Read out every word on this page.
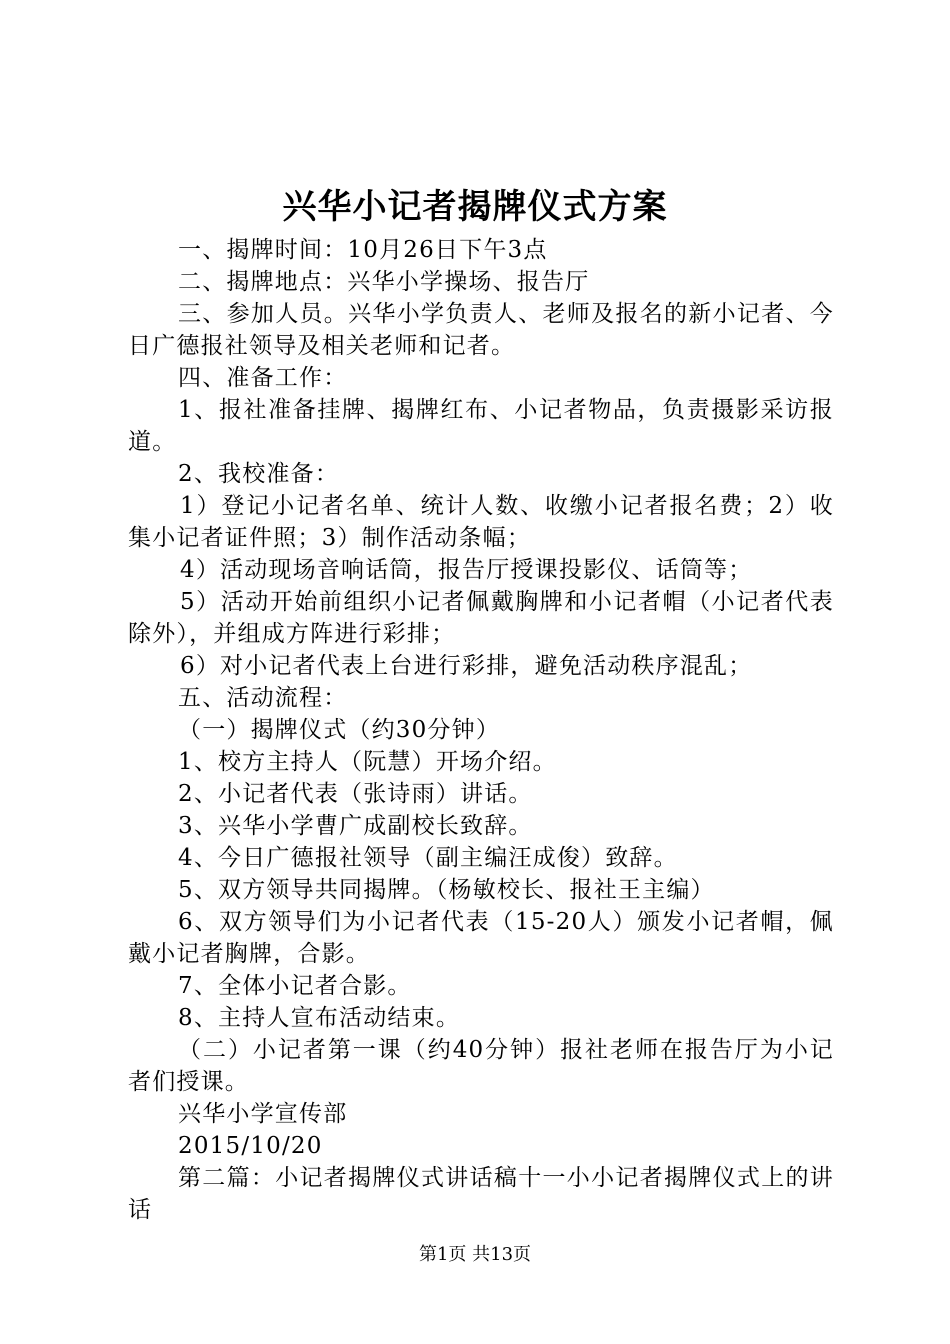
兴华小记者揭牌仪式方案

一、揭牌时间：10月26日下午3点

二、揭牌地点：兴华小学操场、报告厅

三、参加人员。兴华小学负责人、老师及报名的新小记者、今日广德报社领导及相关老师和记者。

四、准备工作：

1、报社准备挂牌、揭牌红布、小记者物品，负责摄影采访报道。

2、我校准备：

1）登记小记者名单、统计人数、收缴小记者报名费；2）收集小记者证件照；3）制作活动条幅；

4）活动现场音响话筒，报告厅授课投影仪、话筒等；

5）活动开始前组织小记者佩戴胸牌和小记者帽（小记者代表除外），并组成方阵进行彩排；

6）对小记者代表上台进行彩排，避免活动秩序混乱；

五、活动流程：

（一）揭牌仪式（约30分钟）

1、校方主持人（阮慧）开场介绍。

2、小记者代表（张诗雨）讲话。

3、兴华小学曹广成副校长致辞。

4、今日广德报社领导（副主编汪成俊）致辞。

5、双方领导共同揭牌。（杨敏校长、报社王主编）

6、双方领导们为小记者代表（15-20人）颁发小记者帽，佩戴小记者胸牌，合影。

7、全体小记者合影。

8、主持人宣布活动结束。

（二）小记者第一课（约40分钟）报社老师在报告厅为小记者们授课。

兴华小学宣传部

2015/10/20

第二篇：小记者揭牌仪式讲话稿十一小小记者揭牌仪式上的讲话

第1页 共13页
